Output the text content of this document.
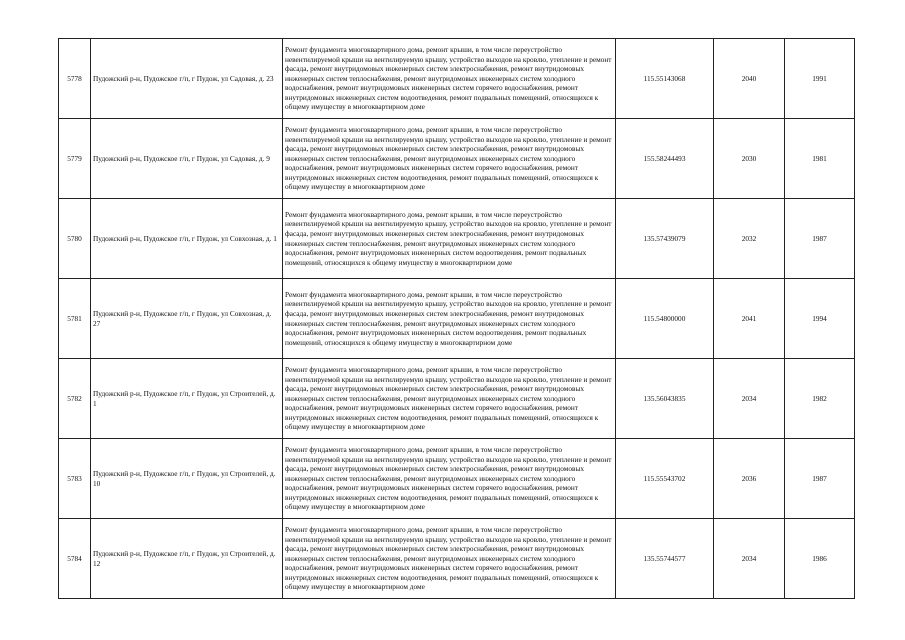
5778	Пудожский р-н, Пудожское г/п, г Пудож, ул Садовая, д. 23	Ремонт фундамента многоквартирного дома, ремонт крыши, в том числе переустройство невентилируемой крыши на вентилируемую крышу, устройство выходов на кровлю, утепление и ремонт фасада, ремонт внутридомовых инженерных систем электроснабжения, ремонт внутридомовых инженерных систем теплоснабжения, ремонт внутридомовых инженерных систем холодного водоснабжения, ремонт внутридомовых инженерных систем горячего водоснабжения, ремонт внутридомовых инженерных систем водоотведения, ремонт подвальных помещений, относящихся к общему имуществу в многоквартирном доме	115.55143068	2040	1991
5779	Пудожский р-н, Пудожское г/п, г Пудож, ул Садовая, д. 9	Ремонт фундамента многоквартирного дома, ремонт крыши, в том числе переустройство невентилируемой крыши на вентилируемую крышу, устройство выходов на кровлю, утепление и ремонт фасада, ремонт внутридомовых инженерных систем электроснабжения, ремонт внутридомовых инженерных систем теплоснабжения, ремонт внутридомовых инженерных систем холодного водоснабжения, ремонт внутридомовых инженерных систем горячего водоснабжения, ремонт внутридомовых инженерных систем водоотведения, ремонт подвальных помещений, относящихся к общему имуществу в многоквартирном доме	155.58244493	2030	1981
5780	Пудожский р-н, Пудожское г/п, г Пудож, ул Совхозная, д. 1	Ремонт фундамента многоквартирного дома, ремонт крыши, в том числе переустройство невентилируемой крыши на вентилируемую крышу, устройство выходов на кровлю, утепление и ремонт фасада, ремонт внутридомовых инженерных систем электроснабжения, ремонт внутридомовых инженерных систем теплоснабжения, ремонт внутридомовых инженерных систем холодного водоснабжения, ремонт внутридомовых инженерных систем водоотведения, ремонт подвальных помещений, относящихся к общему имуществу в многоквартирном доме	135.57439079	2032	1987
5781	Пудожский р-н, Пудожское г/п, г Пудож, ул Совхозная, д. 27	Ремонт фундамента многоквартирного дома, ремонт крыши, в том числе переустройство невентилируемой крыши на вентилируемую крышу, устройство выходов на кровлю, утепление и ремонт фасада, ремонт внутридомовых инженерных систем электроснабжения, ремонт внутридомовых инженерных систем теплоснабжения, ремонт внутридомовых инженерных систем холодного водоснабжения, ремонт внутридомовых инженерных систем водоотведения, ремонт подвальных помещений, относящихся к общему имуществу в многоквартирном доме	115.54800000	2041	1994
5782	Пудожский р-н, Пудожское г/п, г Пудож, ул Строителей, д. 1	Ремонт фундамента многоквартирного дома, ремонт крыши, в том числе переустройство невентилируемой крыши на вентилируемую крышу, устройство выходов на кровлю, утепление и ремонт фасада, ремонт внутридомовых инженерных систем электроснабжения, ремонт внутридомовых инженерных систем теплоснабжения, ремонт внутридомовых инженерных систем холодного водоснабжения, ремонт внутридомовых инженерных систем горячего водоснабжения, ремонт внутридомовых инженерных систем водоотведения, ремонт подвальных помещений, относящихся к общему имуществу в многоквартирном доме	135.56043835	2034	1982
5783	Пудожский р-н, Пудожское г/п, г Пудож, ул Строителей, д. 10	Ремонт фундамента многоквартирного дома, ремонт крыши, в том числе переустройство невентилируемой крыши на вентилируемую крышу, устройство выходов на кровлю, утепление и ремонт фасада, ремонт внутридомовых инженерных систем электроснабжения, ремонт внутридомовых инженерных систем теплоснабжения, ремонт внутридомовых инженерных систем холодного водоснабжения, ремонт внутридомовых инженерных систем горячего водоснабжения, ремонт внутридомовых инженерных систем водоотведения, ремонт подвальных помещений, относящихся к общему имуществу в многоквартирном доме	115.55543702	2036	1987
5784	Пудожский р-н, Пудожское г/п, г Пудож, ул Строителей, д. 12	Ремонт фундамента многоквартирного дома, ремонт крыши, в том числе переустройство невентилируемой крыши на вентилируемую крышу, устройство выходов на кровлю, утепление и ремонт фасада, ремонт внутридомовых инженерных систем электроснабжения, ремонт внутридомовых инженерных систем теплоснабжения, ремонт внутридомовых инженерных систем холодного водоснабжения, ремонт внутридомовых инженерных систем горячего водоснабжения, ремонт внутридомовых инженерных систем водоотведения, ремонт подвальных помещений, относящихся к общему имуществу в многоквартирном доме	135.55744577	2034	1986
